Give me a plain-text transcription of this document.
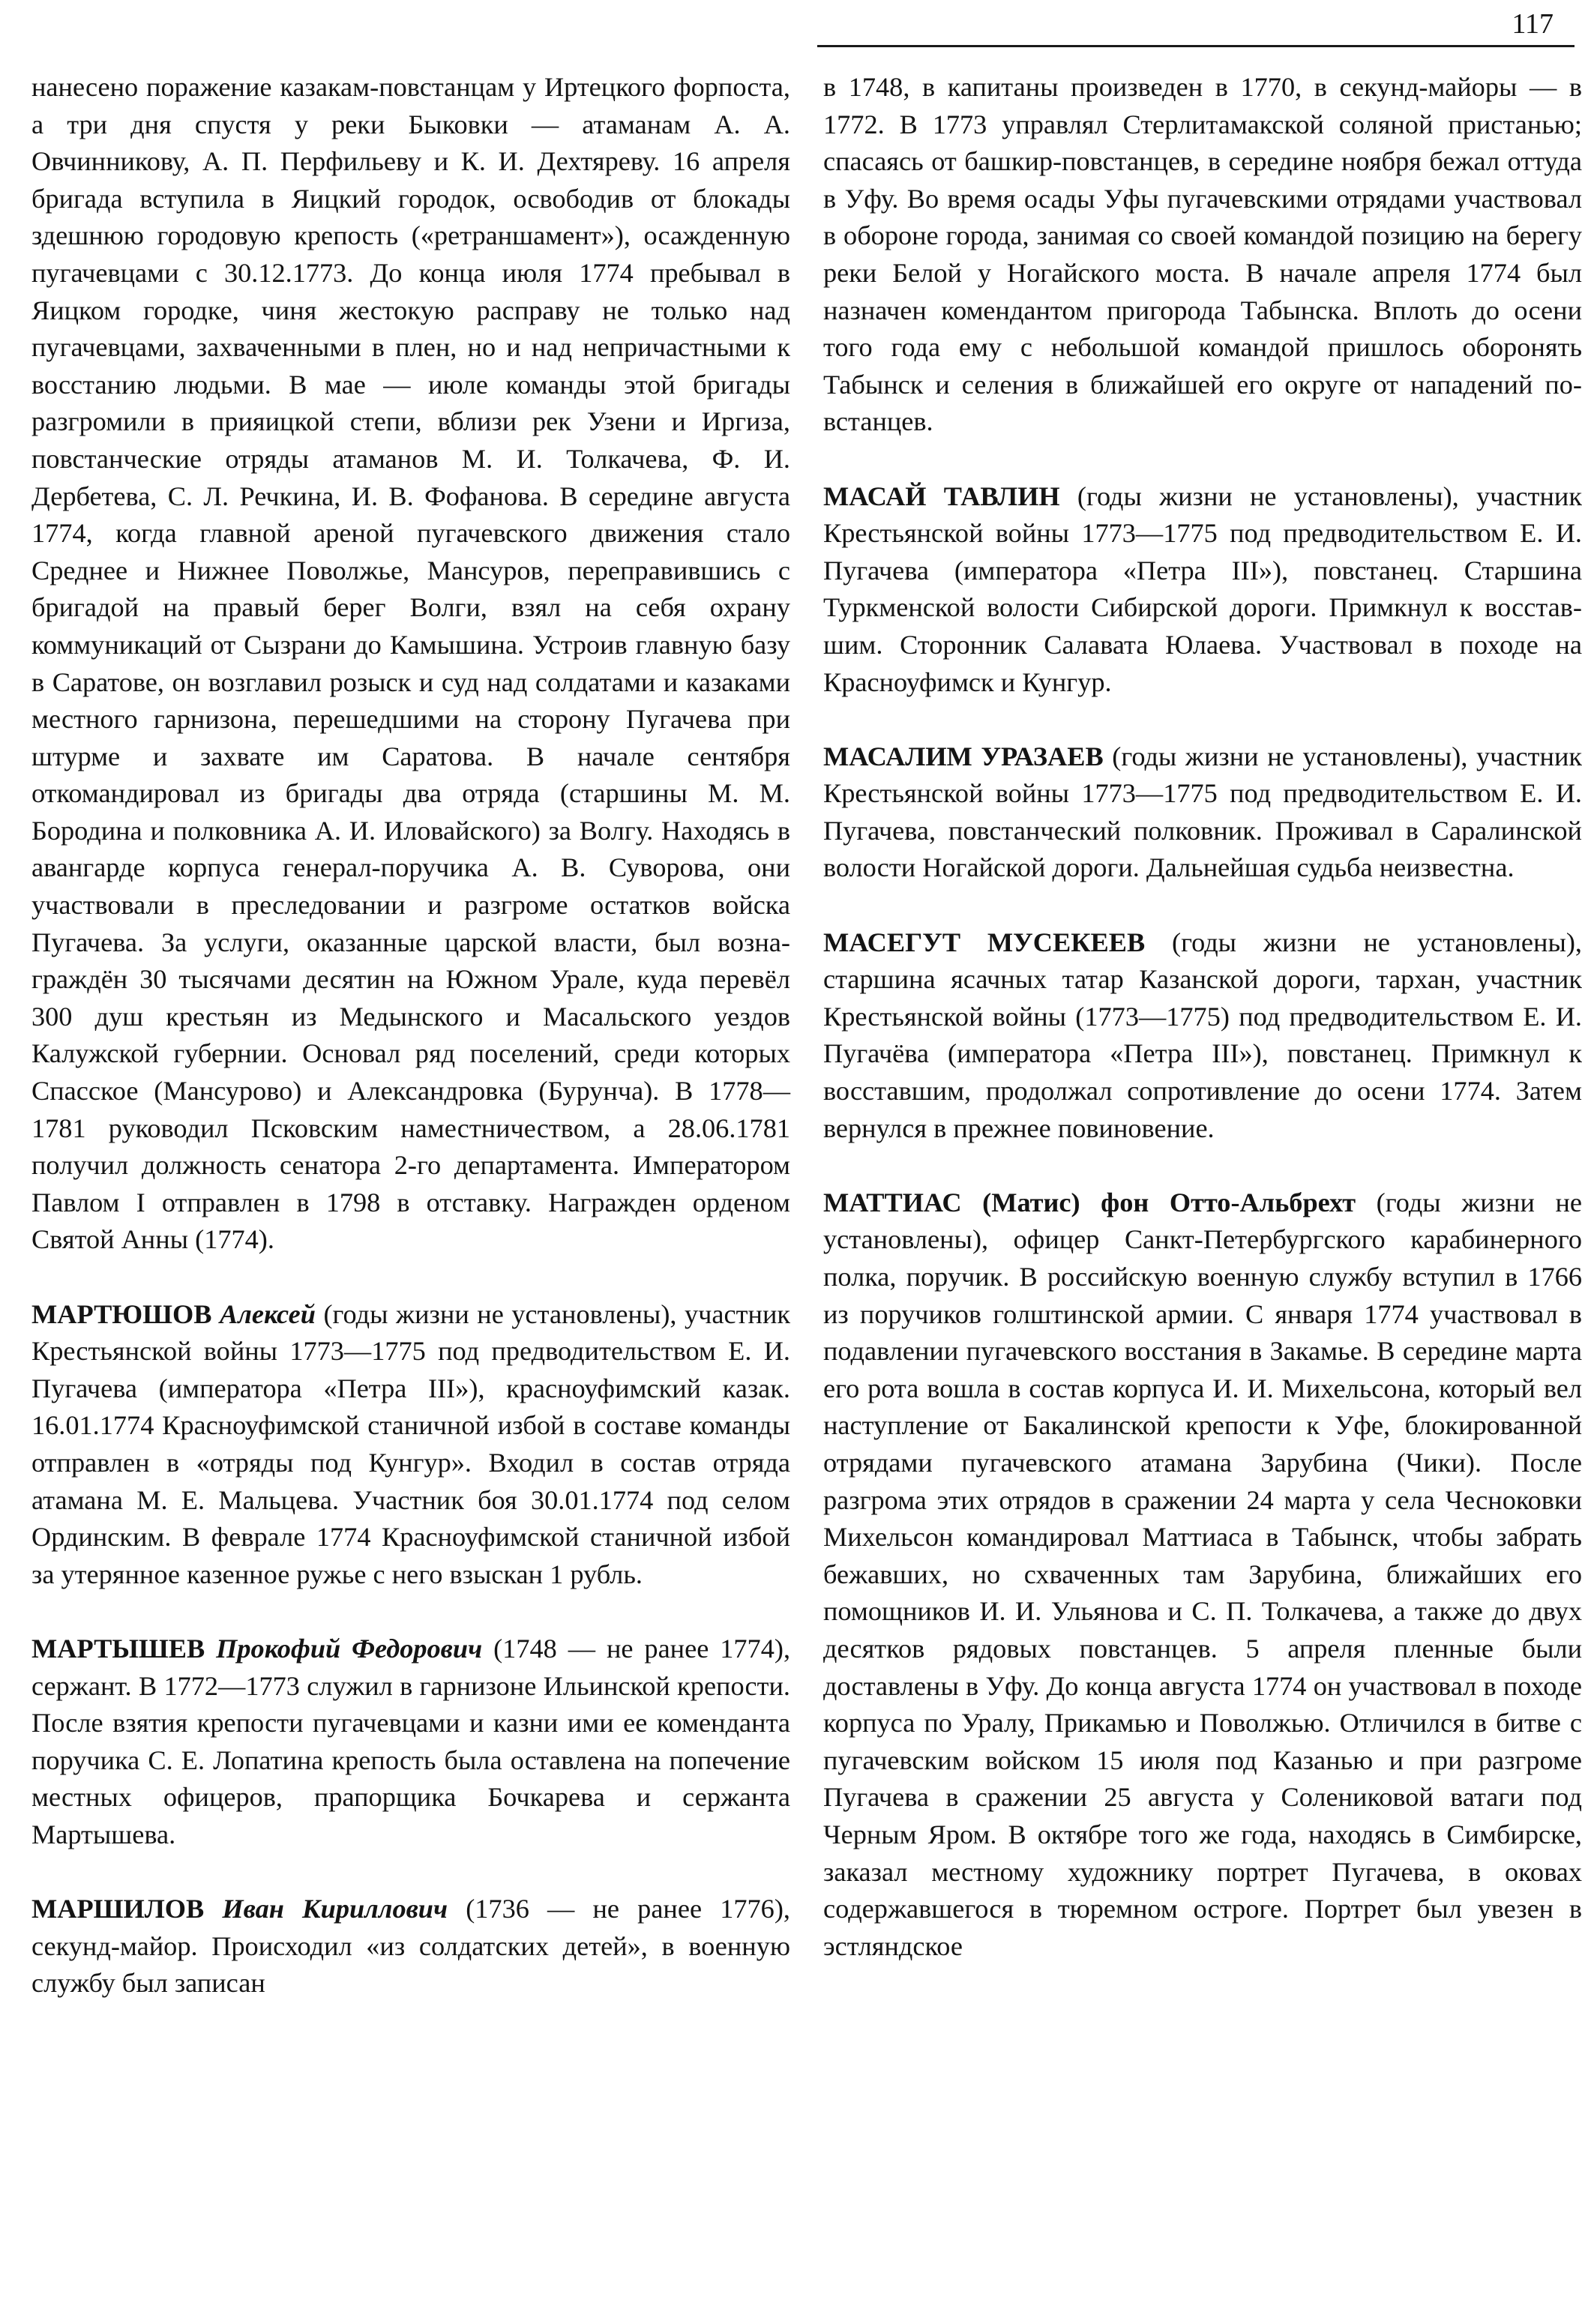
117

нанесено поражение казакам-повстанцам у Иртецкого форпоста, а три дня спустя у реки Быковки — атаманам А. А. Овчинникову, А. П. Перфильеву и К. И. Дехтяреву. 16 апреля бригада вступила в Яицкий городок, освободив от блокады здешнюю городовую крепость («ретраншамент»), осажденную пугачевцами с 30.12.1773. До конца июля 1774 пребывал в Яицком городке, чиня жестокую расправу не только над пугачевцами, захваченными в плен, но и над непричастными к восстанию людьми. В мае — июле команды этой бригады разгромили в прияицкой степи, вблизи рек Узени и Иргиза, повстанческие отряды атаманов М. И. Толкачева, Ф. И. Дербетева, С. Л. Речкина, И. В. Фофанова. В середине августа 1774, когда главной ареной пугачевского движения стало Среднее и Нижнее Поволжье, Мансуров, переправившись с бригадой на правый берег Волги, взял на себя охрану коммуникаций от Сызрани до Камышина. Устроив главную базу в Саратове, он возглавил розыск и суд над солдатами и казаками местного гарнизона, перешедшими на сторону Пугачева при штурме и захвате им Саратова. В начале сентября откомандировал из бригады два отряда (старшины М. М. Бородина и полковника А. И. Иловайского) за Волгу. Находясь в авангарде корпуса генерал-поручика А. В. Суворова, они участвовали в преследовании и разгроме остатков войска Пугачева. За услуги, оказанные царской власти, был вознаграждён 30 тысячами десятин на Южном Урале, куда перевёл 300 душ крестьян из Медынского и Масальского уездов Калужской губернии. Основал ряд поселений, среди которых Спасское (Мансурово) и Александровка (Бурунча). В 1778—1781 руководил Псковским наместничеством, а 28.06.1781 получил должность сенатора 2-го департамента. Императором Павлом I отправлен в 1798 в отставку. Награжден орденом Святой Анны (1774).

МАРТЮШОВ Алексей (годы жизни не установлены), участник Крестьянской войны 1773—1775 под предводительством Е. И. Пугачева (императора «Петра III»), красноуфимский казак. 16.01.1774 Красноуфимской станичной избой в составе команды отправлен в «отряды под Кунгур». Входил в состав отряда атамана М. Е. Мальцева. Участник боя 30.01.1774 под селом Ординским. В феврале 1774 Красноуфимской станичной избой за утерянное казенное ружье с него взыскан 1 рубль.

МАРТЫШЕВ Прокофий Федорович (1748 — не ранее 1774), сержант. В 1772—1773 служил в гарнизоне Ильинской крепости. После взятия крепости пугачевцами и казни ими ее коменданта поручика С. Е. Лопатина крепость была оставлена на попечение местных офицеров, прапорщика Бочкарева и сержанта Мартышева.

МАРШИЛОВ Иван Кириллович (1736 — не ранее 1776), секунд-майор. Происходил «из солдатских детей», в военную службу был записан

в 1748, в капитаны произведен в 1770, в секунд-майоры — в 1772. В 1773 управлял Стерлитамакской соляной пристанью; спасаясь от башкир-повстанцев, в середине ноября бежал оттуда в Уфу. Во время осады Уфы пугачевскими отрядами участвовал в обороне города, занимая со своей командой позицию на берегу реки Белой у Ногайского моста. В начале апреля 1774 был назначен комендантом пригорода Табынска. Вплоть до осени того года ему с небольшой командой пришлось оборонять Табынск и селения в ближайшей его округе от нападений повстанцев.

МАСАЙ ТАВЛИН (годы жизни не установлены), участник Крестьянской войны 1773—1775 под предводительством Е. И. Пугачева (императора «Петра III»), повстанец. Старшина Туркменской волости Сибирской дороги. Примкнул к восставшим. Сторонник Салавата Юлаева. Участвовал в походе на Красноуфимск и Кунгур.

МАСАЛИМ УРАЗАЕВ (годы жизни не установлены), участник Крестьянской войны 1773—1775 под предводительством Е. И. Пугачева, повстанческий полковник. Проживал в Саралинской волости Ногайской дороги. Дальнейшая судьба неизвестна.

МАСЕГУТ МУСЕКЕЕВ (годы жизни не установлены), старшина ясачных татар Казанской дороги, тархан, участник Крестьянской войны (1773—1775) под предводительством Е. И. Пугачёва (императора «Петра III»), повстанец. Примкнул к восставшим, продолжал сопротивление до осени 1774. Затем вернулся в прежнее повиновение.

МАТТИАС (Матис) фон Отто-Альбрехт (годы жизни не установлены), офицер Санкт-Петербургского карабинерного полка, поручик. В российскую военную службу вступил в 1766 из поручиков голштинской армии. С января 1774 участвовал в подавлении пугачевского восстания в Закамье. В середине марта его рота вошла в состав корпуса И. И. Михельсона, который вел наступление от Бакалинской крепости к Уфе, блокированной отрядами пугачевского атамана Зарубина (Чики). После разгрома этих отрядов в сражении 24 марта у села Чесноковки Михельсон командировал Маттиаса в Табынск, чтобы забрать бежавших, но схваченных там Зарубина, ближайших его помощников И. И. Ульянова и С. П. Толкачева, а также до двух десятков рядовых повстанцев. 5 апреля пленные были доставлены в Уфу. До конца августа 1774 он участвовал в походе корпуса по Уралу, Прикамью и Поволжью. Отличился в битве с пугачевским войском 15 июля под Казанью и при разгроме Пугачева в сражении 25 августа у Солениковой ватаги под Черным Яром. В октябре того же года, находясь в Симбирске, заказал местному художнику портрет Пугачева, в оковах содержавшегося в тюремном остроге. Портрет был увезен в эстляндское
